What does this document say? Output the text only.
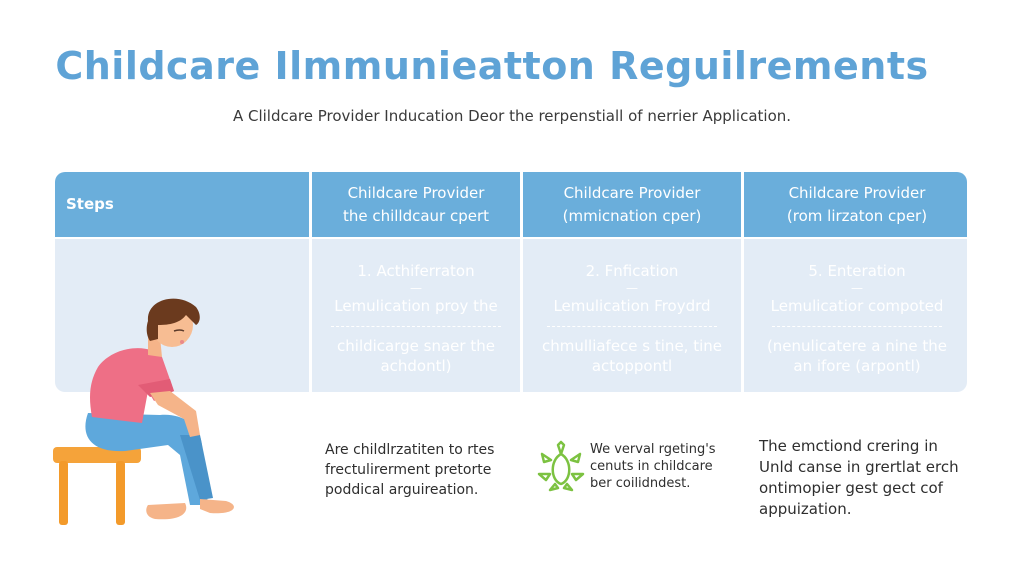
Childcare Ilmmunieatton Reguilrements
A Clildcare Provider Inducation Deor the rerpenstiall of nerrier Application.
Steps
Childcare Provider
the chilldcaur cpert
1. Acthiferraton
—
Lemulication proy the
childicarge snaer the
achdontl)
Childcare Provider
(mmicnation cper)
2. Fnfication
—
Lemulication Froydrd
chmulliafece s tine, tine
actoppontl
Childcare Provider
(rom lirzaton cper)
5. Enteration
—
Lemulicatior compoted
(nenulicatere a nine the
an ifore (arpontl)
Are childlrzatiten to rtes frectulirerment pretorte poddical arguireation.
We verval rgeting's cenuts in childcare ber coilidndest.
The emctiond crering in Unld canse in grertlat erch ontimopier gest gect cof appuization.
